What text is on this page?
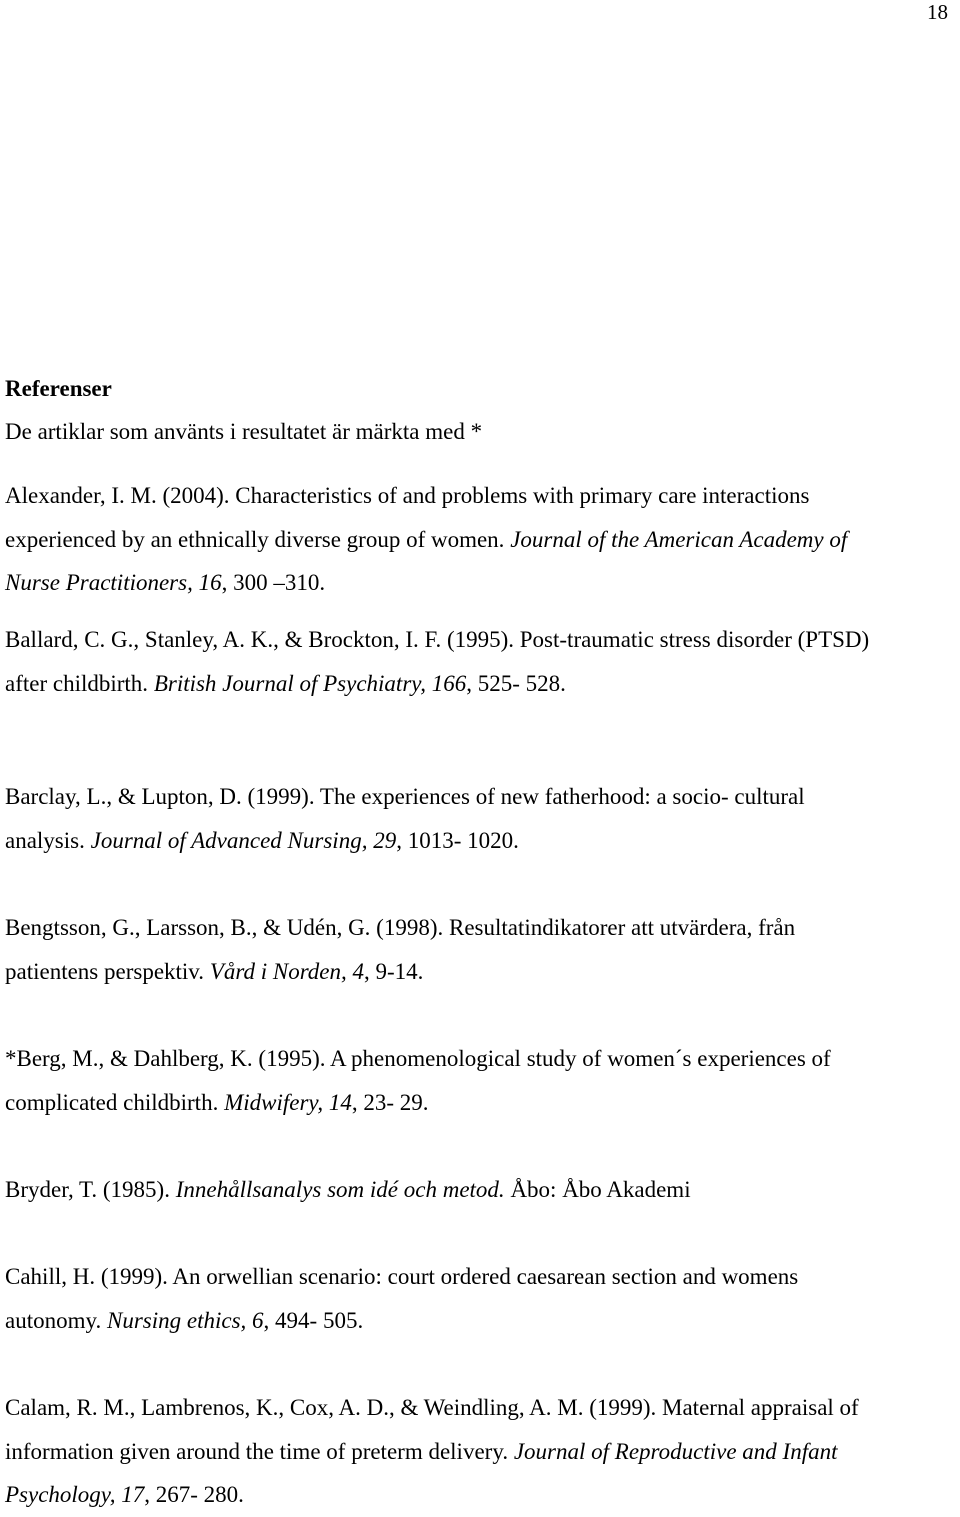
18
Referenser
De artiklar som använts i resultatet är märkta med *
Alexander, I. M. (2004). Characteristics of and problems with primary care interactions
experienced by an ethnically diverse group of women. Journal of the American Academy of
Nurse Practitioners, 16, 300 –310.
Ballard, C. G., Stanley, A. K., & Brockton, I. F. (1995). Post-traumatic stress disorder (PTSD)
after childbirth. British Journal of Psychiatry, 166, 525- 528.
Barclay, L., & Lupton, D. (1999). The experiences of new fatherhood: a socio- cultural
analysis. Journal of Advanced Nursing, 29, 1013- 1020.
Bengtsson, G., Larsson, B., & Udén, G. (1998). Resultatindikatorer att utvärdera, från
patientens perspektiv. Vård i Norden, 4, 9-14.
*Berg, M., & Dahlberg, K. (1995). A phenomenological study of women´s experiences of
complicated childbirth. Midwifery, 14, 23- 29.
Bryder, T. (1985). Innehållsanalys som idé och metod. Åbo: Åbo Akademi
Cahill, H. (1999). An orwellian scenario: court ordered caesarean section and womens
autonomy. Nursing ethics, 6, 494- 505.
Calam, R. M., Lambrenos, K., Cox, A. D., & Weindling, A. M. (1999). Maternal appraisal of
information given around the time of preterm delivery. Journal of Reproductive and Infant
Psychology, 17, 267- 280.
